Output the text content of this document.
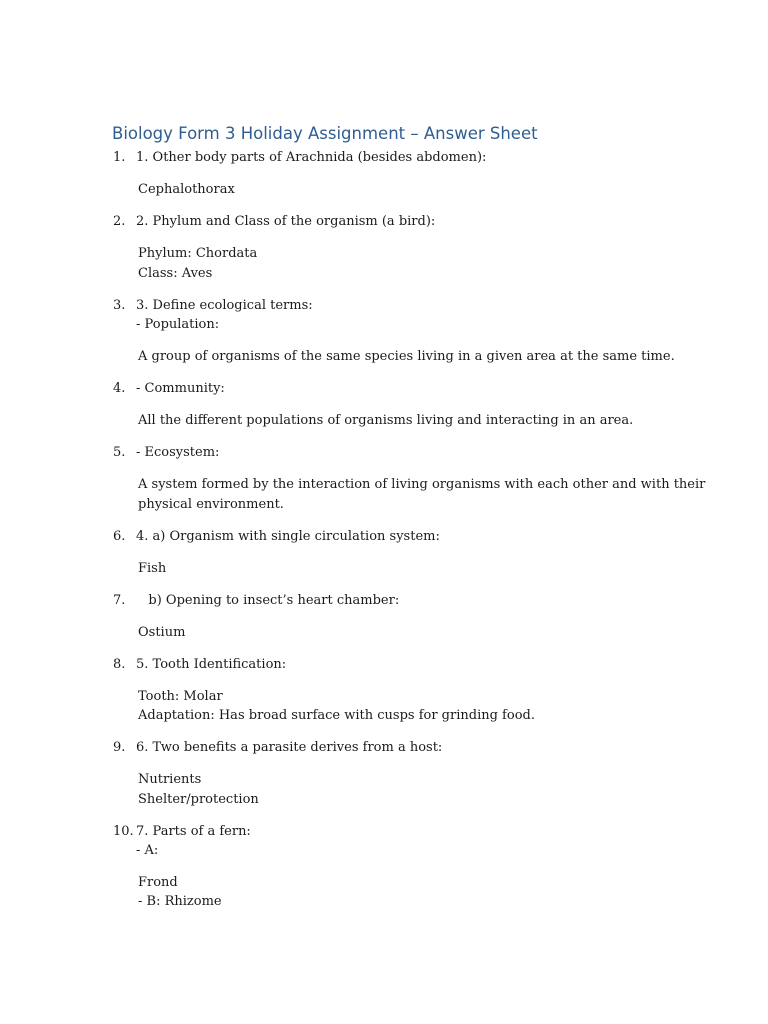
Biology Form 3 Holiday Assignment – Answer Sheet
1. 1. Other body parts of Arachnida (besides abdomen):
Cephalothorax
2. 2. Phylum and Class of the organism (a bird):
Phylum: Chordata
Class: Aves
3. 3. Define ecological terms:
- Population:
A group of organisms of the same species living in a given area at the same time.
4. - Community:
All the different populations of organisms living and interacting in an area.
5. - Ecosystem:
A system formed by the interaction of living organisms with each other and with their
physical environment.
6. 4. a) Organism with single circulation system:
Fish
7. b) Opening to insect’s heart chamber:
Ostium
8. 5. Tooth Identification:
Tooth: Molar
Adaptation: Has broad surface with cusps for grinding food.
9. 6. Two benefits a parasite derives from a host:
Nutrients
Shelter/protection
10. 7. Parts of a fern:
- A:
Frond
- B: Rhizome
